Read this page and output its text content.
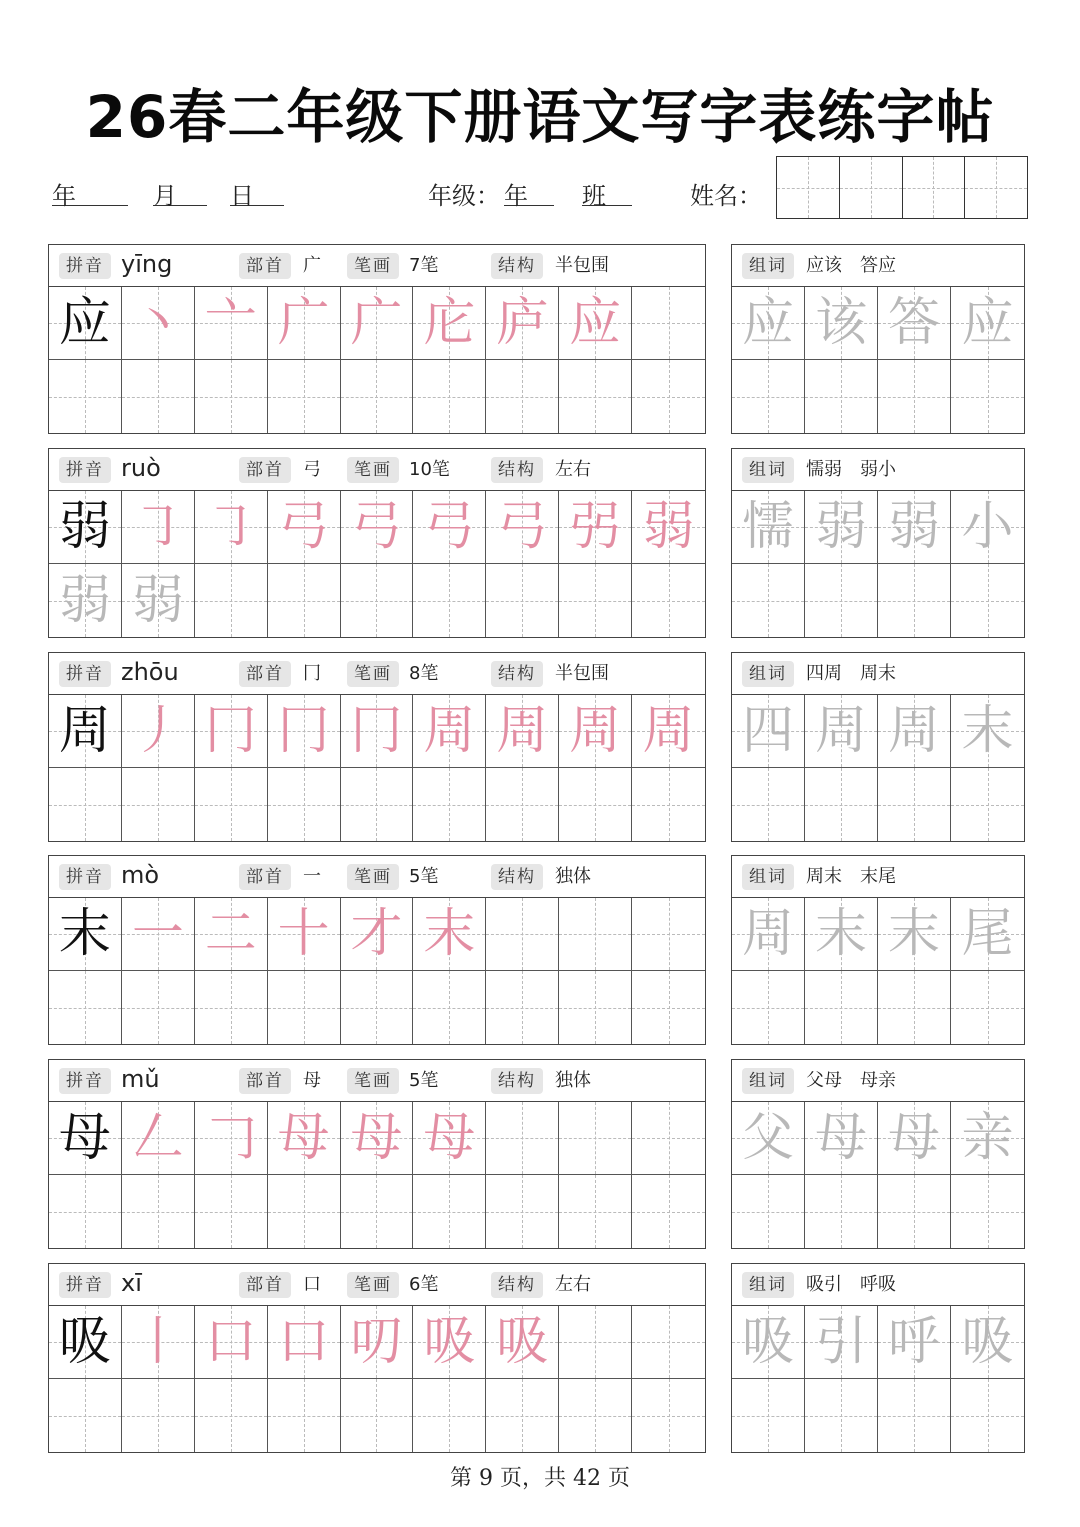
26春二年级下册语文写字表练字帖
年	月 日	年级： 年 班	姓名：
拼音 yīng	部首	广	笔画 7笔	结构	半包围
应 丶 亠 广 广 庀 庐 应
组词	应该　答应
应 该 答 应
拼音 ruò	部首	弓	笔画 10笔	结构	左右
弱 ㇆ ㇆ 弓 弓 弓 弓 弜 弱
弱 弱
组词	懦弱　弱小
懦 弱 弱 小
拼音 zhōu	部首	冂	笔画 8笔	结构	半包围
周 丿 冂 冂 冂 周 周 周 周
组词	四周　周末
四 周 周 末
拼音 mò	部首	一	笔画 5笔	结构	独体
末 一 二 十 才 末
组词	周末　末尾
周 末 末 尾
拼音 mǔ	部首	母	笔画 5笔	结构	独体
母 𠃋 𠃌 母 母 母
组词	父母　母亲
父 母 母 亲
拼音 xī	部首	口	笔画 6笔	结构	左右
吸 丨 口 口 叨 吸 吸
组词	吸引　呼吸
吸 引 呼 吸
第 9 页，共 42 页
